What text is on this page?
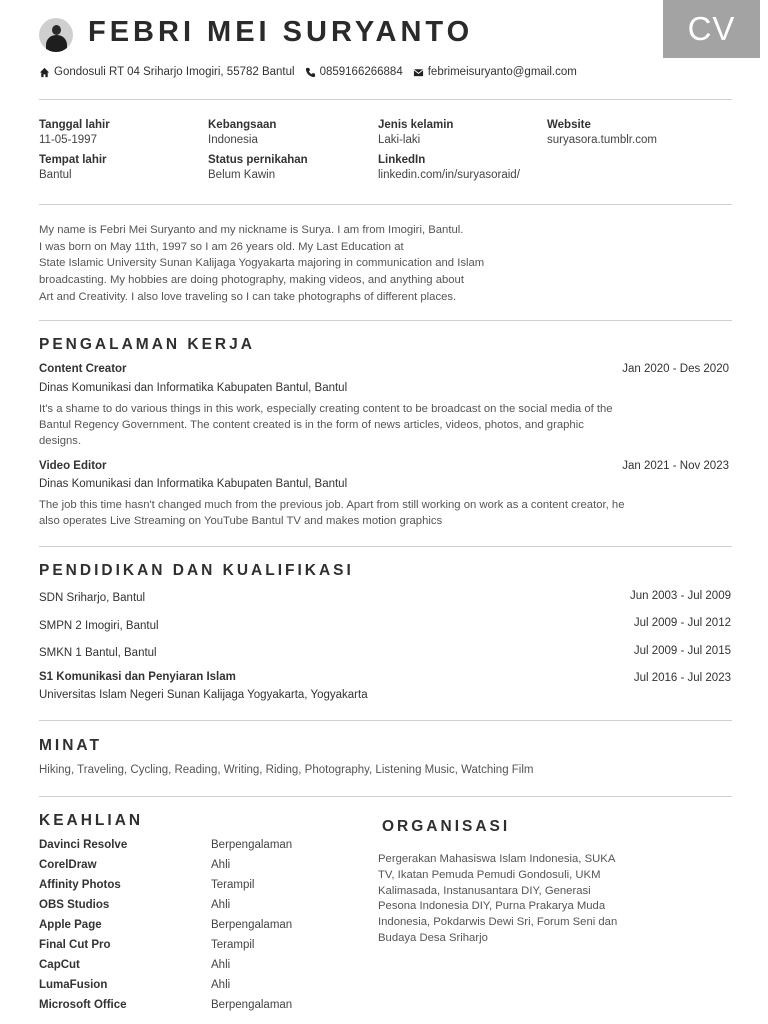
CV
FEBRI MEI SURYANTO
Gondosuli RT 04 Sriharjo Imogiri, 55782 Bantul 0859166266884 febrimeisuryanto@gmail.com
Tanggal lahir
11-05-1997
Tempat lahir
Bantul
Kebangsaan
Indonesia
Status pernikahan
Belum Kawin
Jenis kelamin
Laki-laki
LinkedIn
linkedin.com/in/suryasoraid/
Website
suryasora.tumblr.com
My name is Febri Mei Suryanto and my nickname is Surya. I am from Imogiri, Bantul.
I was born on May 11th, 1997 so I am 26 years old. My Last Education at
State Islamic University Sunan Kalijaga Yogyakarta majoring in communication and Islam
broadcasting. My hobbies are doing photography, making videos, and anything about
Art and Creativity. I also love traveling so I can take photographs of different places.
PENGALAMAN KERJA
Content Creator	Jan 2020 - Des 2020
Dinas Komunikasi dan Informatika Kabupaten Bantul, Bantul
It's a shame to do various things in this work, especially creating content to be broadcast on the social media of the Bantul Regency Government. The content created is in the form of news articles, videos, photos, and graphic designs.
Video Editor	Jan 2021 - Nov 2023
Dinas Komunikasi dan Informatika Kabupaten Bantul, Bantul
The job this time hasn't changed much from the previous job. Apart from still working on work as a content creator, he also operates Live Streaming on YouTube Bantul TV and makes motion graphics
PENDIDIKAN DAN KUALIFIKASI
SDN Sriharjo, Bantul	Jun 2003 - Jul 2009
SMPN 2 Imogiri, Bantul	Jul 2009 - Jul 2012
SMKN 1 Bantul, Bantul	Jul 2009 - Jul 2015
S1 Komunikasi dan Penyiaran Islam	Jul 2016 - Jul 2023
Universitas Islam Negeri Sunan Kalijaga Yogyakarta, Yogyakarta
MINAT
Hiking, Traveling, Cycling, Reading, Writing, Riding, Photography, Listening Music, Watching Film
KEAHLIAN
Davinci Resolve	Berpengalaman
CorelDraw	Ahli
Affinity Photos	Terampil
OBS Studios	Ahli
Apple Page	Berpengalaman
Final Cut Pro	Terampil
CapCut	Ahli
LumaFusion	Ahli
Microsoft Office	Berpengalaman
ORGANISASI
Pergerakan Mahasiswa Islam Indonesia, SUKA TV, Ikatan Pemuda Pemudi Gondosuli, UKM Kalimasada, Instanusantara DIY, Generasi Pesona Indonesia DIY, Purna Prakarya Muda Indonesia, Pokdarwis Dewi Sri, Forum Seni dan Budaya Desa Sriharjo
